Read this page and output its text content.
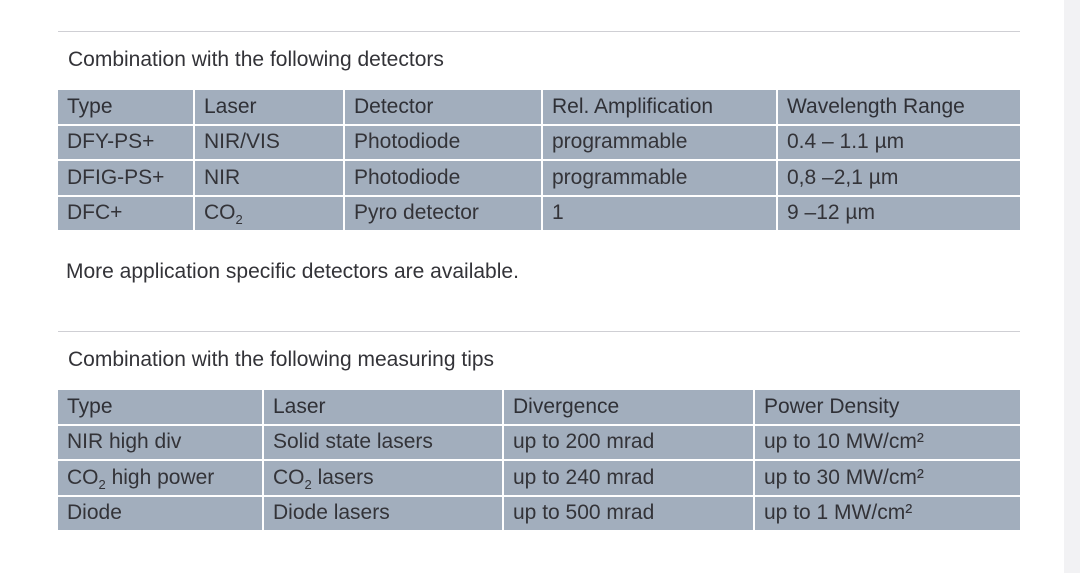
Combination with the following detectors
Type	Laser	Detector	Rel. Amplification	Wavelength Range
DFY-PS+	NIR/VIS	Photodiode	programmable	0.4 – 1.1 µm
DFIG-PS+	NIR	Photodiode	programmable	0,8 –2,1 µm
DFC+	$CO_2$	Pyro detector	1	9 –12 µm
More application specific detectors are available.
Combination with the following measuring tips
Type	Laser	Divergence	Power Density
NIR high div	Solid state lasers	up to 200 mrad	up to 10 MW/cm²
$CO_2$ high power	$CO_2$ lasers	up to 240 mrad	up to 30 MW/cm²
Diode	Diode lasers	up to 500 mrad	up to 1 MW/cm²
